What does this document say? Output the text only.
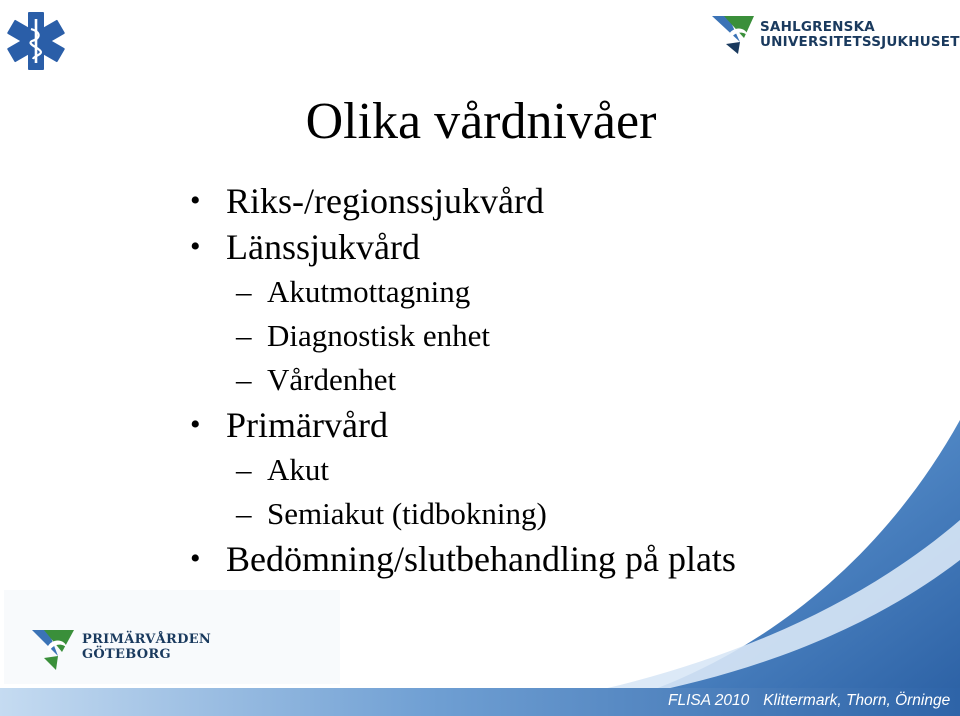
SAHLGRENSKA
UNIVERSITETSSJUKHUSET
Olika vårdnivåer
• Riks-/regionssjukvård
• Länssjukvård
– Akutmottagning
– Diagnostisk enhet
– Vårdenhet
• Primärvård
– Akut
– Semiakut (tidbokning)
• Bedömning/slutbehandling på plats
PRIMÄRVÅRDEN
GÖTEBORG
FLISA 2010 Klittermark, Thorn, Örninge
